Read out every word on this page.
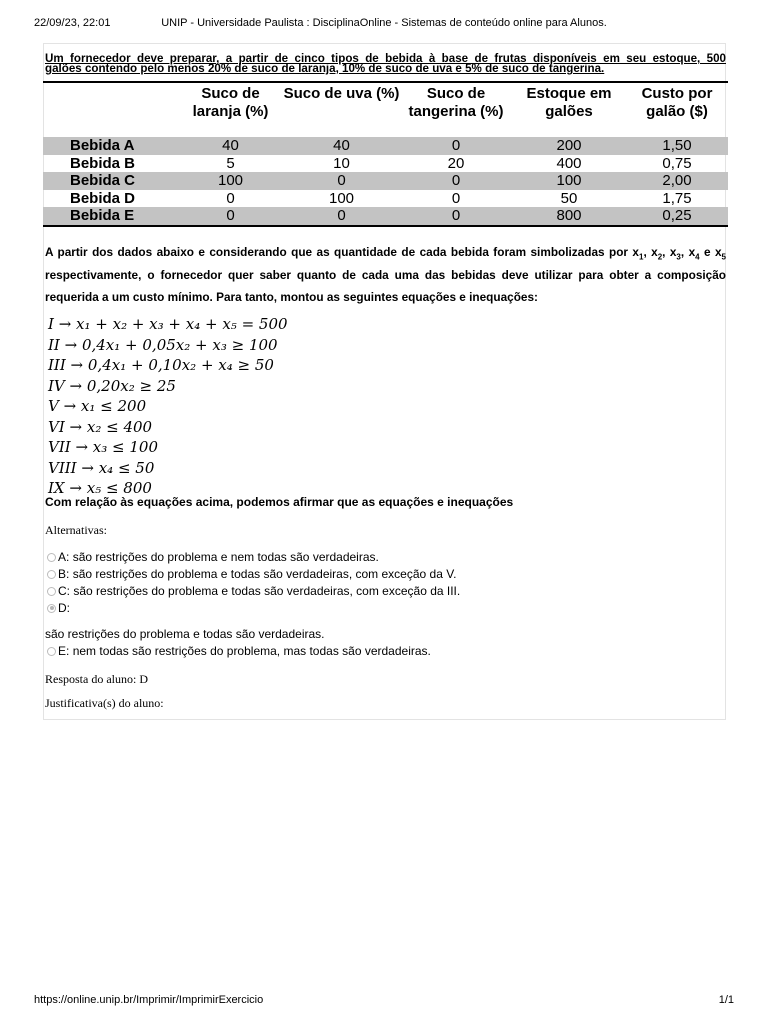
22/09/23, 22:01	UNIP - Universidade Paulista : DisciplinaOnline - Sistemas de conteúdo online para Alunos.
Um fornecedor deve preparar, a partir de cinco tipos de bebida à base de frutas disponíveis em seu estoque, 500
galões contendo pelo menos 20% de suco de laranja, 10% de suco de uva e 5% de suco de tangerina.
	Suco de laranja (%)	Suco de uva (%)	Suco de tangerina (%)	Estoque em galões	Custo por galão ($)
Bebida A	40	40	0	200	1,50
Bebida B	5	10	20	400	0,75
Bebida C	100	0	0	100	2,00
Bebida D	0	100	0	50	1,75
Bebida E	0	0	0	800	0,25
A partir dos dados abaixo e considerando que as quantidade de cada bebida foram simbolizadas por $x_1$, $x_2$, $x_3$, $x_4$ e $x_5$ respectivamente, o fornecedor quer saber quanto de cada uma das bebidas deve utilizar para obter a composição requerida a um custo mínimo. Para tanto, montou as seguintes equações e inequações:
I → x₁ + x₂ + x₃ + x₄ + x₅ = 500
II → 0,4x₁ + 0,05x₂ + x₃ ≥ 100
III → 0,4x₁ + 0,10x₂ + x₄ ≥ 50
IV → 0,20x₂ ≥ 25
V → x₁ ≤ 200
VI → x₂ ≤ 400
VII → x₃ ≤ 100
VIII → x₄ ≤ 50
IX → x₅ ≤ 800
Com relação às equações acima, podemos afirmar que as equações e inequações
Alternativas:
A:
são restrições do problema e nem todas são verdadeiras.
B:
são restrições do problema e todas são verdadeiras, com exceção da V.
C:
são restrições do problema e todas são verdadeiras, com exceção da III.
D:
são restrições do problema e todas são verdadeiras.
E:
nem todas são restrições do problema, mas todas são verdadeiras.
Resposta do aluno: D
Justificativa(s) do aluno:
https://online.unip.br/Imprimir/ImprimirExercicio	1/1
